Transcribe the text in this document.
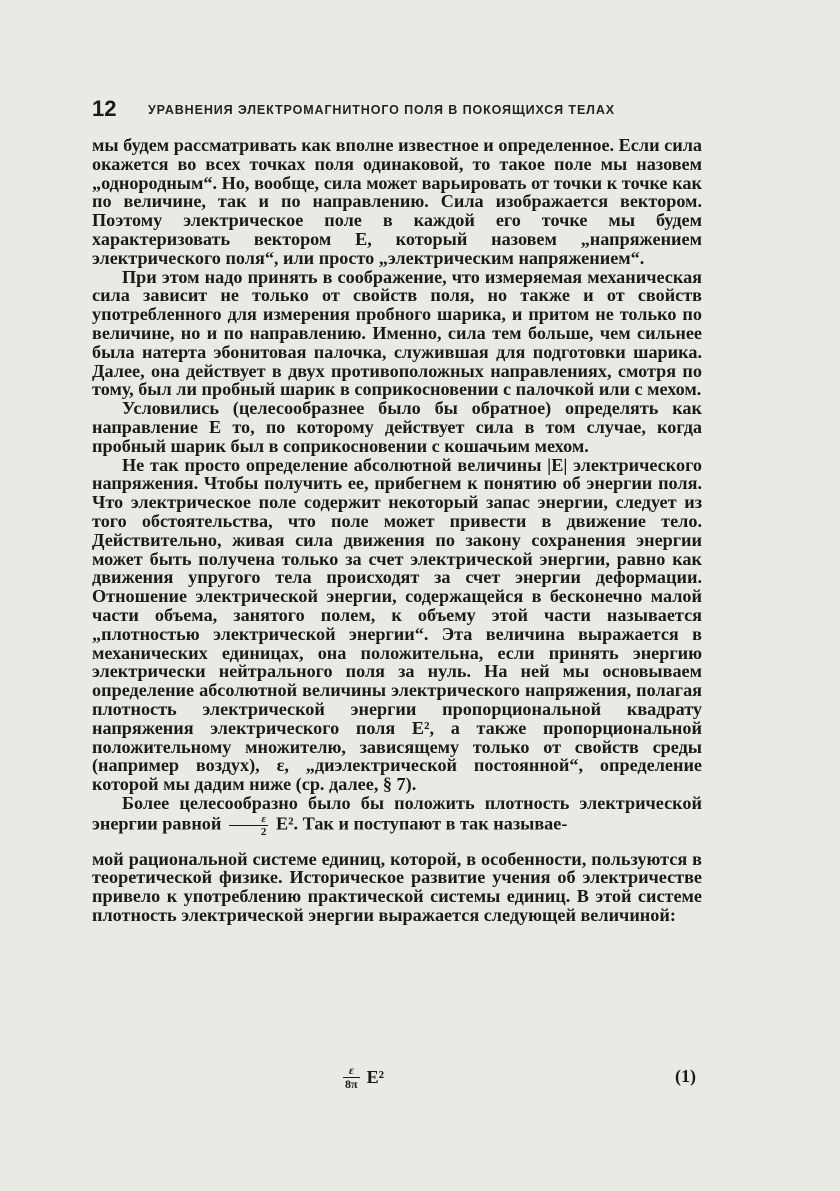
12	УРАВНЕНИЯ ЭЛЕКТРОМАГНИТНОГО ПОЛЯ В ПОКОЯЩИХСЯ ТЕЛАХ

мы будем рассматривать как вполне известное и определенное. Если сила окажется во всех точках поля одинаковой, то такое поле мы назовем „однородным“. Но, вообще, сила может варьировать от точки к точке как по величине, так и по направлению. Сила изображается вектором. Поэтому электрическое поле в каждой его точке мы будем характеризовать вектором E, который назовем „напряжением электрического поля“, или просто „электрическим напряжением“.

При этом надо принять в соображение, что измеряемая механическая сила зависит не только от свойств поля, но также и от свойств употребленного для измерения пробного шарика, и притом не только по величине, но и по направлению. Именно, сила тем больше, чем сильнее была натерта эбонитовая палочка, служившая для подготовки шарика. Далее, она действует в двух противоположных направлениях, смотря по тому, был ли пробный шарик в соприкосновении с палочкой или с мехом.

Условились (целесообразнее было бы обратное) определять как направление E то, по которому действует сила в том случае, когда пробный шарик был в соприкосновении с кошачьим мехом.

Не так просто определение абсолютной величины |E| электрического напряжения. Чтобы получить ее, прибегнем к понятию об энергии поля. Что электрическое поле содержит некоторый запас энергии, следует из того обстоятельства, что поле может привести в движение тело. Действительно, живая сила движения по закону сохранения энергии может быть получена только за счет электрической энергии, равно как движения упругого тела происходят за счет энергии деформации. Отношение электрической энергии, содержащейся в бесконечно малой части объема, занятого полем, к объему этой части называется „плотностью электрической энергии“. Эта величина выражается в механических единицах, она положительна, если принять энергию электрически нейтрального поля за нуль. На ней мы основываем определение абсолютной величины электрического напряжения, полагая плотность электрической энергии пропорциональной квадрату напряжения электрического поля E², а также пропорциональной положительному множителю, зависящему только от свойств среды (например воздух), ε, „диэлектрической постоянной“, определение которой мы дадим ниже (ср. далее, § 7).

Более целесообразно было бы положить плотность электрической энергии равной $\frac{\varepsilon}{2} E^2$. Так и поступают в так называе-

мой рациональной системе единиц, которой, в особенности, пользуются в теоретической физике. Историческое развитие учения об электричестве привело к употреблению практической системы единиц. В этой системе плотность электрической энергии выражается следующей величиной:

$\frac{\varepsilon}{8\pi} E^2$	(1)
